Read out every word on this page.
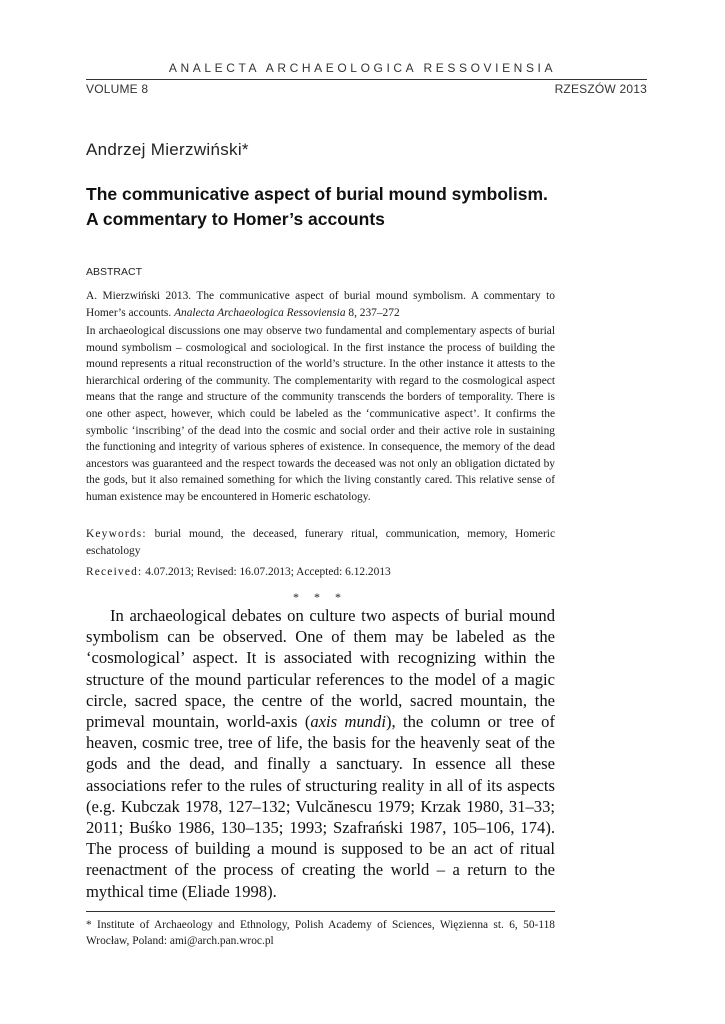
ANALECTA ARCHAEOLOGICA RESSOVIENSIA
VOLUME 8	RZESZÓW 2013
Andrzej Mierzwiński*
The communicative aspect of burial mound symbolism. A commentary to Homer’s accounts
ABSTRACT

A. Mierzwiński 2013. The communicative aspect of burial mound symbolism. A commentary to Homer’s accounts. Analecta Archaeologica Ressoviensia 8, 237–272

In archaeological discussions one may observe two fundamental and complementary aspects of burial mound symbolism – cosmological and sociological. In the first instance the process of building the mound represents a ritual reconstruction of the world’s structure. In the other instance it attests to the hierarchical ordering of the community. The complementarity with regard to the cosmological aspect means that the range and structure of the community transcends the borders of temporality. There is one other aspect, however, which could be labeled as the ‘communicative aspect’. It confirms the symbolic ‘inscribing’ of the dead into the cosmic and social order and their active role in sustaining the functioning and integrity of various spheres of existence. In consequence, the memory of the dead ancestors was guaranteed and the respect towards the deceased was not only an obligation dictated by the gods, but it also remained something for which the living constantly cared. This relative sense of human existence may be encountered in Homeric eschatology.

Keywords: burial mound, the deceased, funerary ritual, communication, memory, Homeric eschatology

Received: 4.07.2013; Revised: 16.07.2013; Accepted: 6.12.2013

* * *

In archaeological debates on culture two aspects of burial mound symbolism can be observed. One of them may be labeled as the ‘cosmological’ aspect. It is associated with recognizing within the structure of the mound particular references to the model of a magic circle, sacred space, the centre of the world, sacred mountain, the primeval mountain, world-axis (axis mundi), the column or tree of heaven, cosmic tree, tree of life, the basis for the heavenly seat of the gods and the dead, and finally a sanctuary. In essence all these associations refer to the rules of structuring reality in all of its aspects (e.g. Kubczak 1978, 127–132; Vulcănescu 1979; Krzak 1980, 31–33; 2011; Buśko 1986, 130–135; 1993; Szafrański 1987, 105–106, 174). The process of building a mound is supposed to be an act of ritual reenactment of the process of creating the world – a return to the mythical time (Eliade 1998).

* Institute of Archaeology and Ethnology, Polish Academy of Sciences, Więzienna st. 6, 50-118 Wrocław, Poland: ami@arch.pan.wroc.pl
